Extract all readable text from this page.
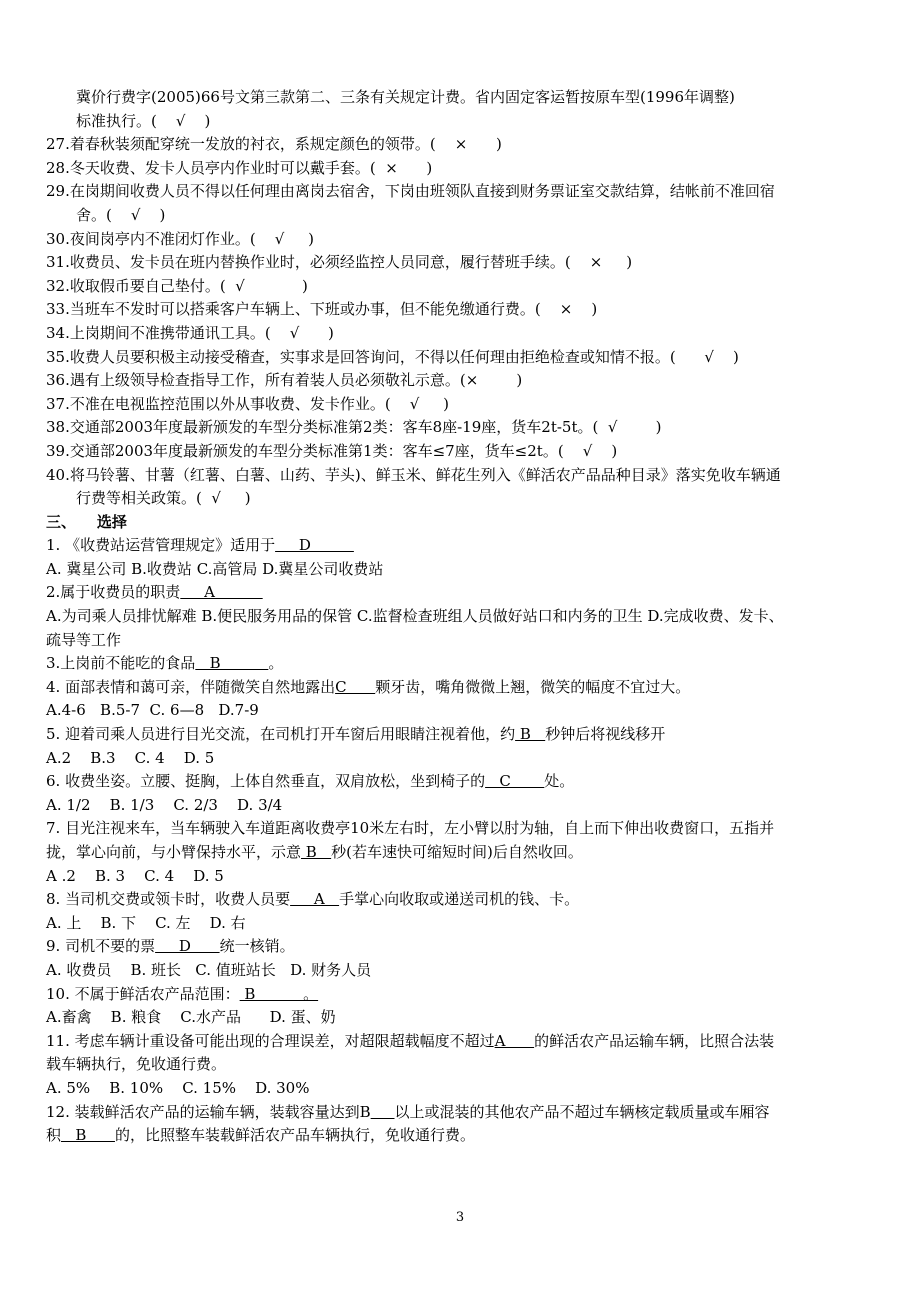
冀价行费字(2005)66号文第三款第二、三条有关规定计费。省内固定客运暂按原车型(1996年调整)
标准执行。(    √    )
27.着春秋装须配穿统一发放的衬衣，系规定颜色的领带。(    ×      )
28.冬天收费、发卡人员亭内作业时可以戴手套。(  ×      )
29.在岗期间收费人员不得以任何理由离岗去宿舍，下岗由班领队直接到财务票证室交款结算，结帐前不准回宿
舍。(    √    )
30.夜间岗亭内不准闭灯作业。(    √     )
31.收费员、发卡员在班内替换作业时，必须经监控人员同意，履行替班手续。(    ×     )
32.收取假币要自己垫付。(  √            )
33.当班车不发时可以搭乘客户车辆上、下班或办事，但不能免缴通行费。(    ×    )
34.上岗期间不准携带通讯工具。(    √      )
35.收费人员要积极主动接受稽查，实事求是回答询问，不得以任何理由拒绝检查或知情不报。(      √    )
36.遇有上级领导检查指导工作，所有着装人员必须敬礼示意。(×        )
37.不准在电视监控范围以外从事收费、发卡作业。(    √     )
38.交通部2003年度最新颁发的车型分类标准第2类：客车8座-19座，货车2t-5t。(  √        )
39.交通部2003年度最新颁发的车型分类标准第1类：客车≤7座，货车≤2t。(    √    )
40.将马铃薯、甘薯（红薯、白薯、山药、芋头)、鲜玉米、鲜花生列入《鲜活农产品品种目录》落实免收车辆通
行费等相关政策。(  √     )
三、    选择
1. 《收费站运营管理规定》适用于     D
A. 冀星公司 B.收费站 C.高管局 D.冀星公司收费站
2.属于收费员的职责     A
A.为司乘人员排忧解难 B.便民服务用品的保管 C.监督检查班组人员做好站口和内务的卫生 D.完成收费、发卡、
疏导等工作
3.上岗前不能吃的食品   B          。
4. 面部表情和蔼可亲，伴随微笑自然地露出C      颗牙齿，嘴角微微上翘，微笑的幅度不宜过大。
A.4-6   B.5-7  C. 6—8   D.7-9
5. 迎着司乘人员进行目光交流，在司机打开车窗后用眼睛注视着他，约 B   秒钟后将视线移开
A.2    B.3    C. 4    D. 5
6. 收费坐姿。立腰、挺胸，上体自然垂直，双肩放松，坐到椅子的   C       处。
A. 1/2    B. 1/3    C. 2/3    D. 3/4
7. 目光注视来车，当车辆驶入车道距离收费亭10米左右时，左小臂以肘为轴，自上而下伸出收费窗口，五指并
拢，掌心向前，与小臂保持水平，示意 B   秒(若车速快可缩短时间)后自然收回。
A .2    B. 3    C. 4    D. 5
8. 当司机交费或领卡时，收费人员要     A   手掌心向收取或递送司机的钱、卡。
A. 上    B. 下    C. 左    D. 右
9. 司机不要的票     D      统一核销。
A. 收费员    B. 班长   C. 值班站长   D. 财务人员
10. 不属于鲜活农产品范围： B          。
A.畜禽    B. 粮食    C.水产品      D. 蛋、奶
11. 考虑车辆计重设备可能出现的合理误差，对超限超载幅度不超过A      的鲜活农产品运输车辆，比照合法装
载车辆执行，免收通行费。
A. 5%    B. 10%    C. 15%    D. 30%
12. 装载鲜活农产品的运输车辆，装载容量达到B 以上或混装的其他农产品不超过车辆核定载质量或车厢容
积   B      的，比照整车装载鲜活农产品车辆执行，免收通行费。
3
